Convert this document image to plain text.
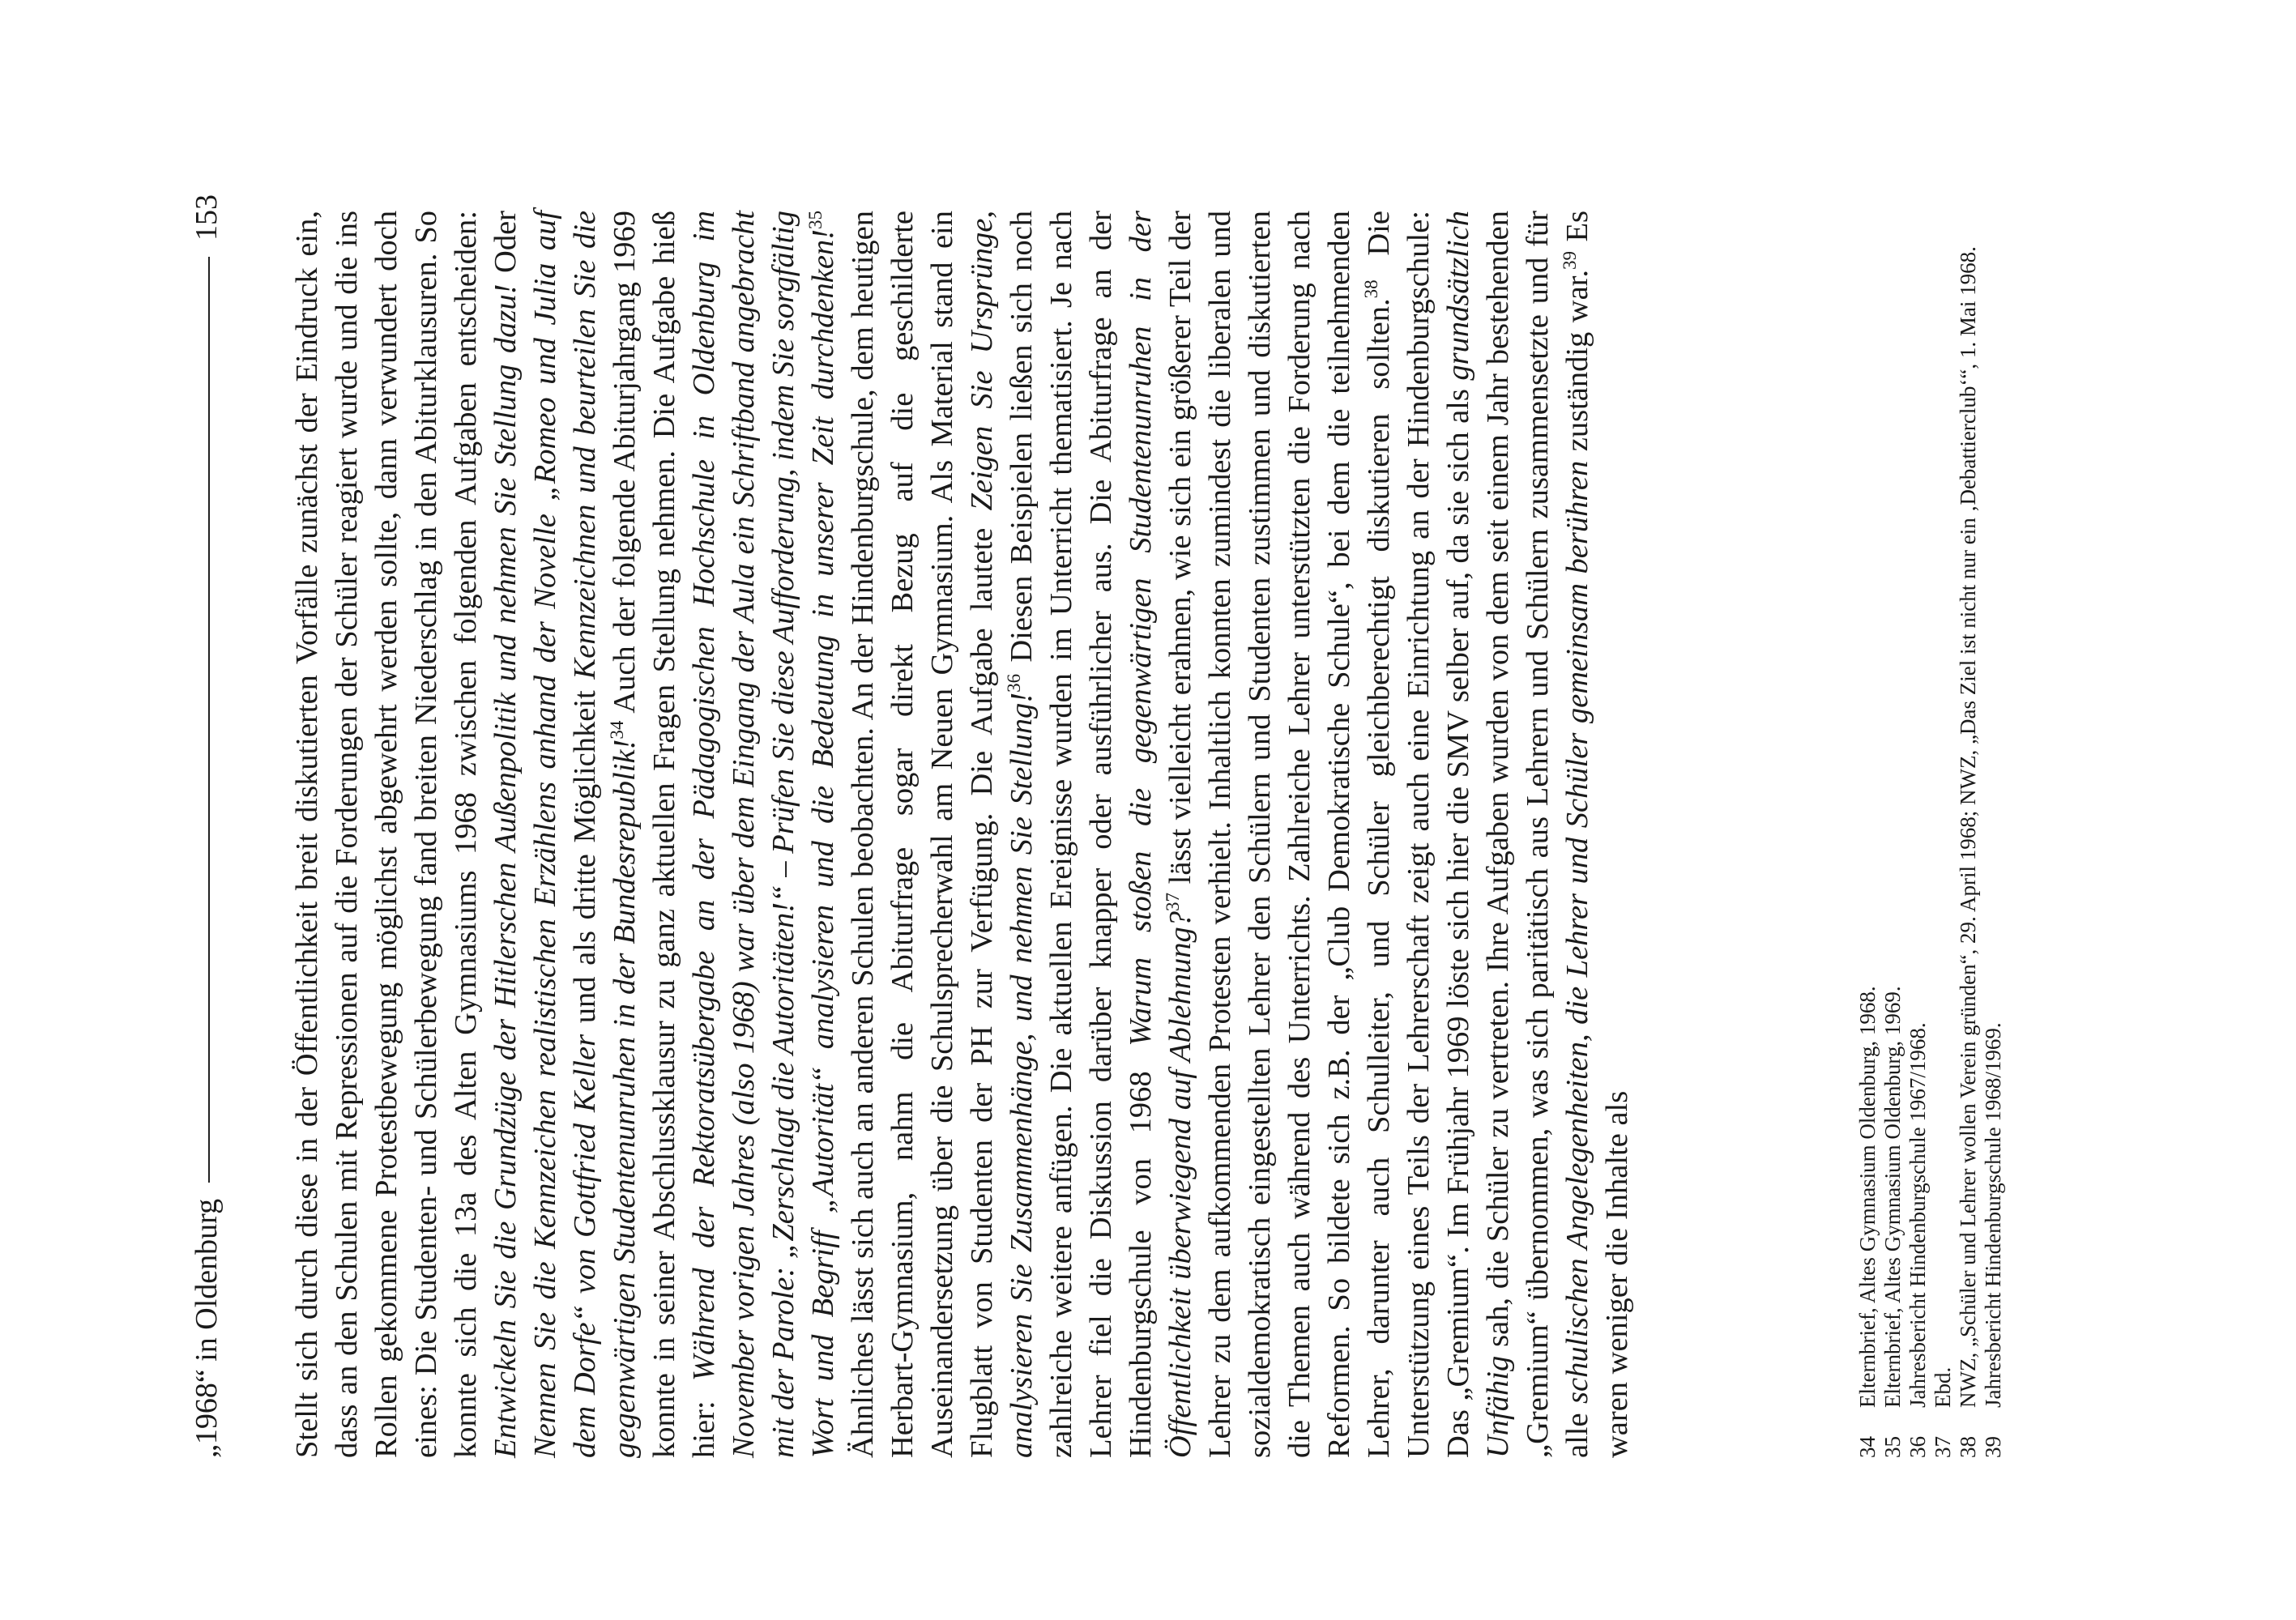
„1968“ in Oldenburg
153 Stellt sich durch diese in der Öffentlichkeit breit diskutierten Vorfälle zunächst der Eindruck ein, dass an den Schulen mit Repressionen auf die Forderungen der Schüler reagiert wurde und die ins Rollen gekommene Protestbewegung möglichst abgewehrt werden sollte, dann verwundert doch eines: Die Studenten- und Schülerbewegung fand breiten Niederschlag in den Abiturklausuren. So konnte sich die 13a des Alten Gymnasiums 1968 zwischen folgenden Aufgaben entscheiden: Entwickeln Sie die Grundzüge der Hitlerschen Außenpolitik und nehmen Sie Stellung dazu! Oder Nennen Sie die Kennzeichen realistischen Erzählens anhand der Novelle „Romeo und Julia auf dem Dorfe“ von Gottfried Keller und als dritte Möglichkeit Kennzeichnen und beurteilen Sie die gegenwärtigen Studentenunruhen in der Bundesrepublik!$^{34}$ Auch der folgende Abiturjahrgang 1969 konnte in seiner Abschlussklausur zu ganz aktuellen Fragen Stellung nehmen. Die Aufgabe hieß hier: Während der Rektoratsübergabe an der Pädagogischen Hochschule in Oldenburg im November vorigen Jahres (also 1968) war über dem Eingang der Aula ein Schriftband angebracht mit der Parole: „Zerschlagt die Autoritäten!“ – Prüfen Sie diese Aufforderung, indem Sie sorgfältig Wort und Begriff „Autorität“ analysieren und die Bedeutung in unserer Zeit durchdenken!$^{35}$ Ähnliches lässt sich auch an anderen Schulen beobachten. An der Hindenburgschule, dem heutigen Herbart-Gymnasium, nahm die Abiturfrage sogar direkt Bezug auf die geschilderte Auseinandersetzung über die Schulsprecherwahl am Neuen Gymnasium. Als Material stand ein Flugblatt von Studenten der PH zur Verfügung. Die Aufgabe lautete Zeigen Sie Ursprünge, analysieren Sie Zusammenhänge, und nehmen Sie Stellung!$^{36}$ Diesen Beispielen ließen sich noch zahlreiche weitere anfügen. Die aktuellen Ereignisse wurden im Unterricht thematisiert. Je nach Lehrer fiel die Diskussion darüber knapper oder ausführlicher aus. Die Abiturfrage an der Hindenburgschule von 1968 Warum stoßen die gegenwärtigen Studentenunruhen in der Öffentlichkeit überwiegend auf Ablehnung?$^{37}$ lässt vielleicht erahnen, wie sich ein größerer Teil der Lehrer zu dem aufkommenden Protesten verhielt. Inhaltlich konnten zumindest die liberalen und sozialdemokratisch eingestellten Lehrer den Schülern und Studenten zustimmen und diskutierten die Themen auch während des Unterrichts. Zahlreiche Lehrer unterstützten die Forderung nach Reformen. So bildete sich z.B. der „Club Demokratische Schule“, bei dem die teilnehmenden Lehrer, darunter auch Schulleiter, und Schüler gleichberechtigt diskutieren sollten.$^{38}$ Die Unterstützung eines Teils der Lehrerschaft zeigt auch eine Einrichtung an der Hindenburgschule: Das „Gremium“. Im Frühjahr 1969 löste sich hier die SMV selber auf, da sie sich als grundsätzlich Unfähig sah, die Schüler zu vertreten. Ihre Aufgaben wurden von dem seit einem Jahr bestehenden „Gremium“ übernommen, was sich paritätisch aus Lehrern und Schülern zusammensetzte und für alle schulischen Angelegenheiten, die Lehrer und Schüler gemeinsam berühren zuständig war.$^{39}$ Es waren weniger die Inhalte als	34
Elternbrief, Altes Gymnasium Oldenburg, 1968.
35
Elternbrief, Altes Gymnasium Oldenburg, 1969.
36
Jahresbericht Hindenburgschule 1967/1968.
37
Ebd.
38
NWZ, „Schüler und Lehrer wollen Verein gründen“, 29. April 1968; NWZ, „Das Ziel ist nicht nur ein ‚Debattierclub‘“, 1. Mai 1968.
39
Jahresbericht Hindenburgschule 1968/1969.
